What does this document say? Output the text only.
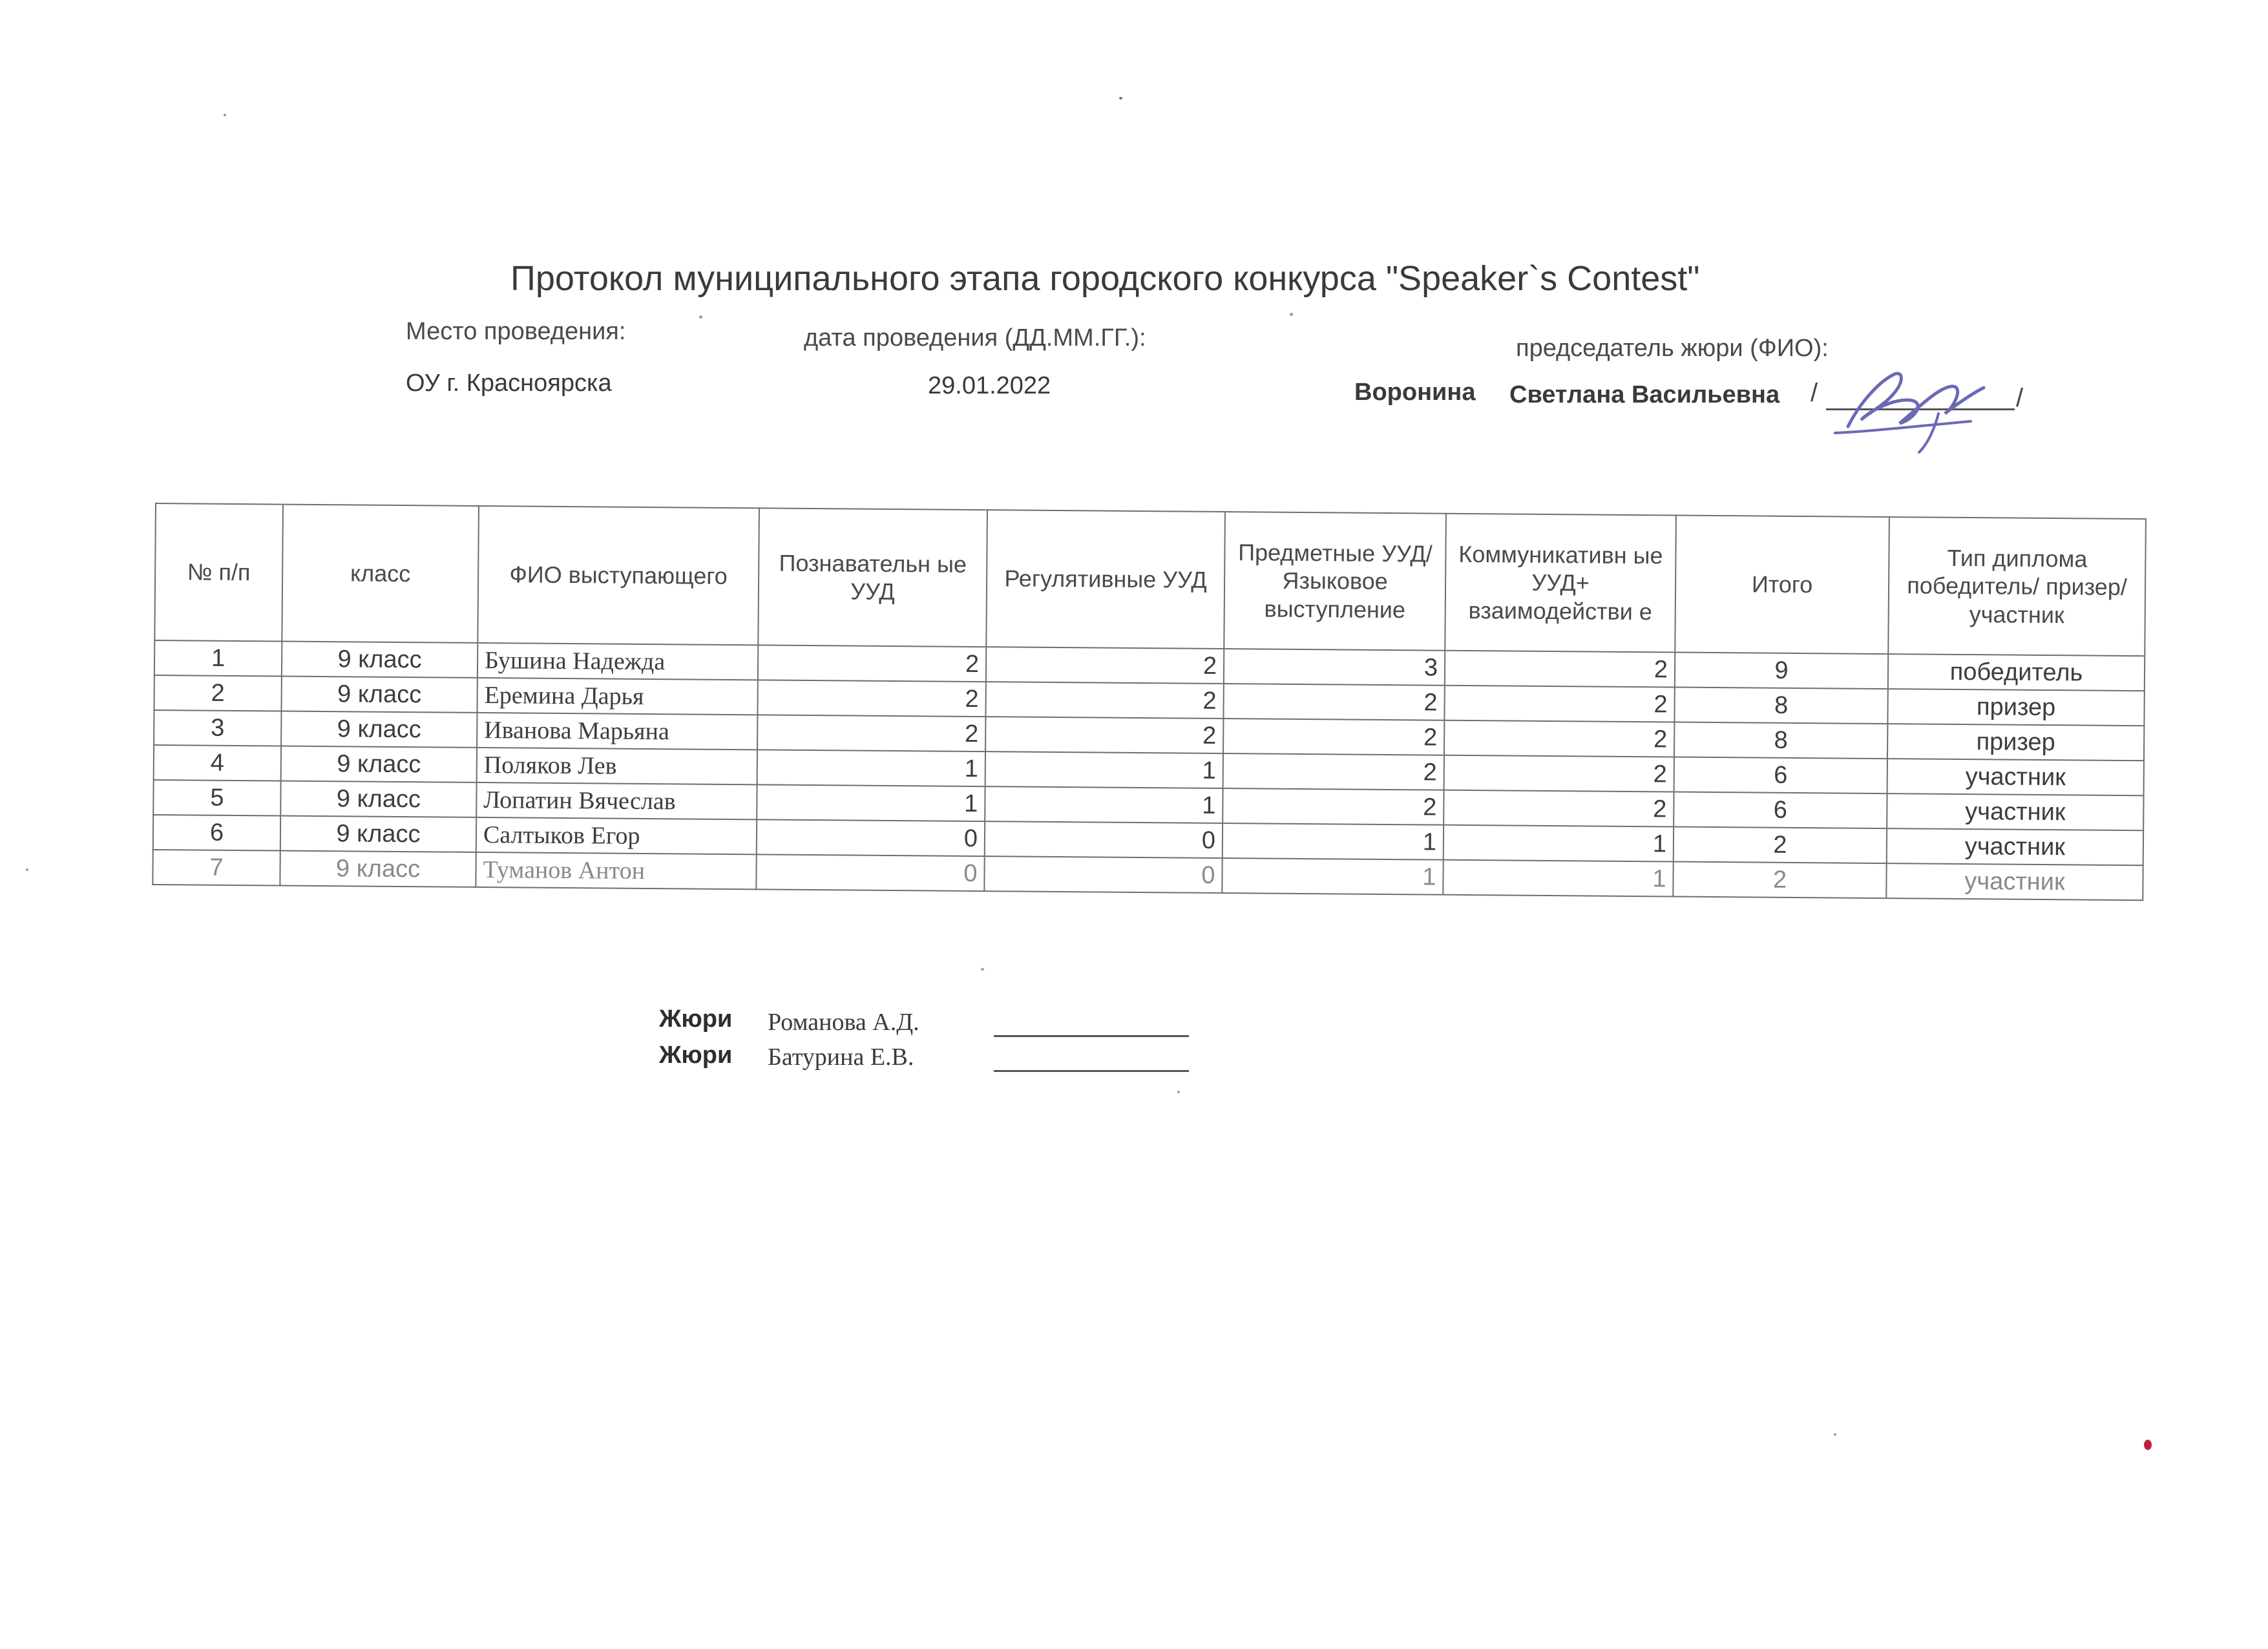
Протокол муниципального этапа городского конкурса "Speaker`s Contest"
Место проведения:
ОУ г. Красноярска
дата проведения (ДД.ММ.ГГ.):
29.01.2022
председатель жюри (ФИО):
Воронина Светлана Васильевна /	/
№ п/п	класс	ФИО выступающего	Познавательн ые УУД	Регулятивные УУД	Предметные УУД/Языковое выступление	Коммуникативн ые УУД+ взаимодействи е	Итого	Тип диплома победитель/ призер/участник
1	9 класс	Бушина Надежда	2	2	3	2	9	победитель
2	9 класс	Еремина Дарья	2	2	2	2	8	призер
3	9 класс	Иванова Марьяна	2	2	2	2	8	призер
4	9 класс	Поляков Лев	1	1	2	2	6	участник
5	9 класс	Лопатин Вячеслав	1	1	2	2	6	участник
6	9 класс	Салтыков Егор	0	0	1	1	2	участник
7	9 класс	Туманов Антон	0	0	1	1	2	участник
Жюри Романова А.Д.
Жюри Батурина Е.В.
